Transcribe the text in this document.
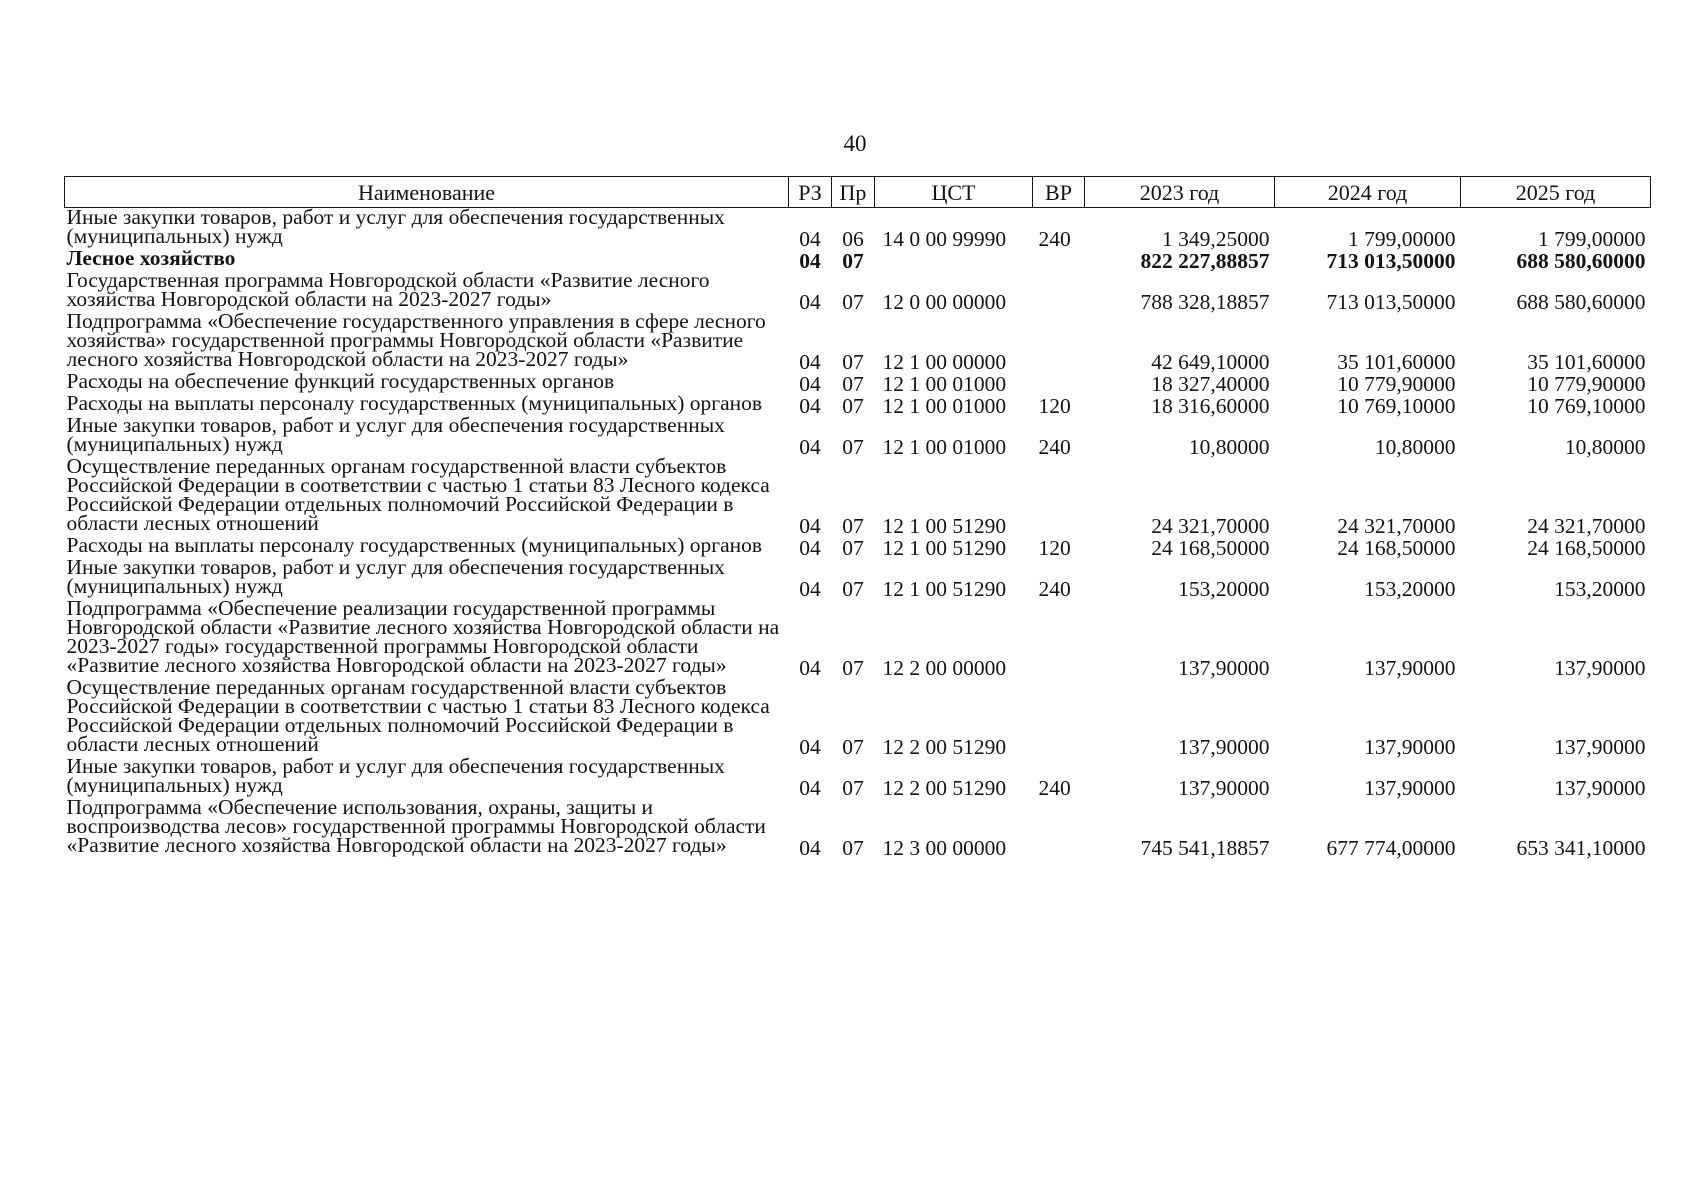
40
Наименование	РЗ	Пр	ЦСТ	ВР	2023 год	2024 год	2025 год
Иные закупки товаров, работ и услуг для обеспечения государственных (муниципальных) нужд	04	06	14 0 00 99990	240	1 349,25000	1 799,00000	1 799,00000
Лесное хозяйство	04	07			822 227,88857	713 013,50000	688 580,60000
Государственная программа Новгородской области «Развитие лесного хозяйства Новгородской области на 2023-2027 годы»	04	07	12 0 00 00000		788 328,18857	713 013,50000	688 580,60000
Подпрограмма «Обеспечение государственного управления в сфере лесного хозяйства» государственной программы Новгородской области «Развитие лесного хозяйства Новгородской области на 2023-2027 годы»	04	07	12 1 00 00000		42 649,10000	35 101,60000	35 101,60000
Расходы на обеспечение функций государственных органов	04	07	12 1 00 01000		18 327,40000	10 779,90000	10 779,90000
Расходы на выплаты персоналу государственных (муниципальных) органов	04	07	12 1 00 01000	120	18 316,60000	10 769,10000	10 769,10000
Иные закупки товаров, работ и услуг для обеспечения государственных (муниципальных) нужд	04	07	12 1 00 01000	240	10,80000	10,80000	10,80000
Осуществление переданных органам государственной власти субъектов Российской Федерации в соответствии с частью 1 статьи 83 Лесного кодекса Российской Федерации отдельных полномочий Российской Федерации в области лесных отношений	04	07	12 1 00 51290		24 321,70000	24 321,70000	24 321,70000
Расходы на выплаты персоналу государственных (муниципальных) органов	04	07	12 1 00 51290	120	24 168,50000	24 168,50000	24 168,50000
Иные закупки товаров, работ и услуг для обеспечения государственных (муниципальных) нужд	04	07	12 1 00 51290	240	153,20000	153,20000	153,20000
Подпрограмма «Обеспечение реализации государственной программы Новгородской области «Развитие лесного хозяйства Новгородской области на 2023-2027 годы» государственной программы Новгородской области «Развитие лесного хозяйства Новгородской области на 2023-2027 годы»	04	07	12 2 00 00000		137,90000	137,90000	137,90000
Осуществление переданных органам государственной власти субъектов Российской Федерации в соответствии с частью 1 статьи 83 Лесного кодекса Российской Федерации отдельных полномочий Российской Федерации в области лесных отношений	04	07	12 2 00 51290		137,90000	137,90000	137,90000
Иные закупки товаров, работ и услуг для обеспечения государственных (муниципальных) нужд	04	07	12 2 00 51290	240	137,90000	137,90000	137,90000
Подпрограмма «Обеспечение использования, охраны, защиты и воспроизводства лесов» государственной программы Новгородской области «Развитие лесного хозяйства Новгородской области на 2023-2027 годы»	04	07	12 3 00 00000		745 541,18857	677 774,00000	653 341,10000
